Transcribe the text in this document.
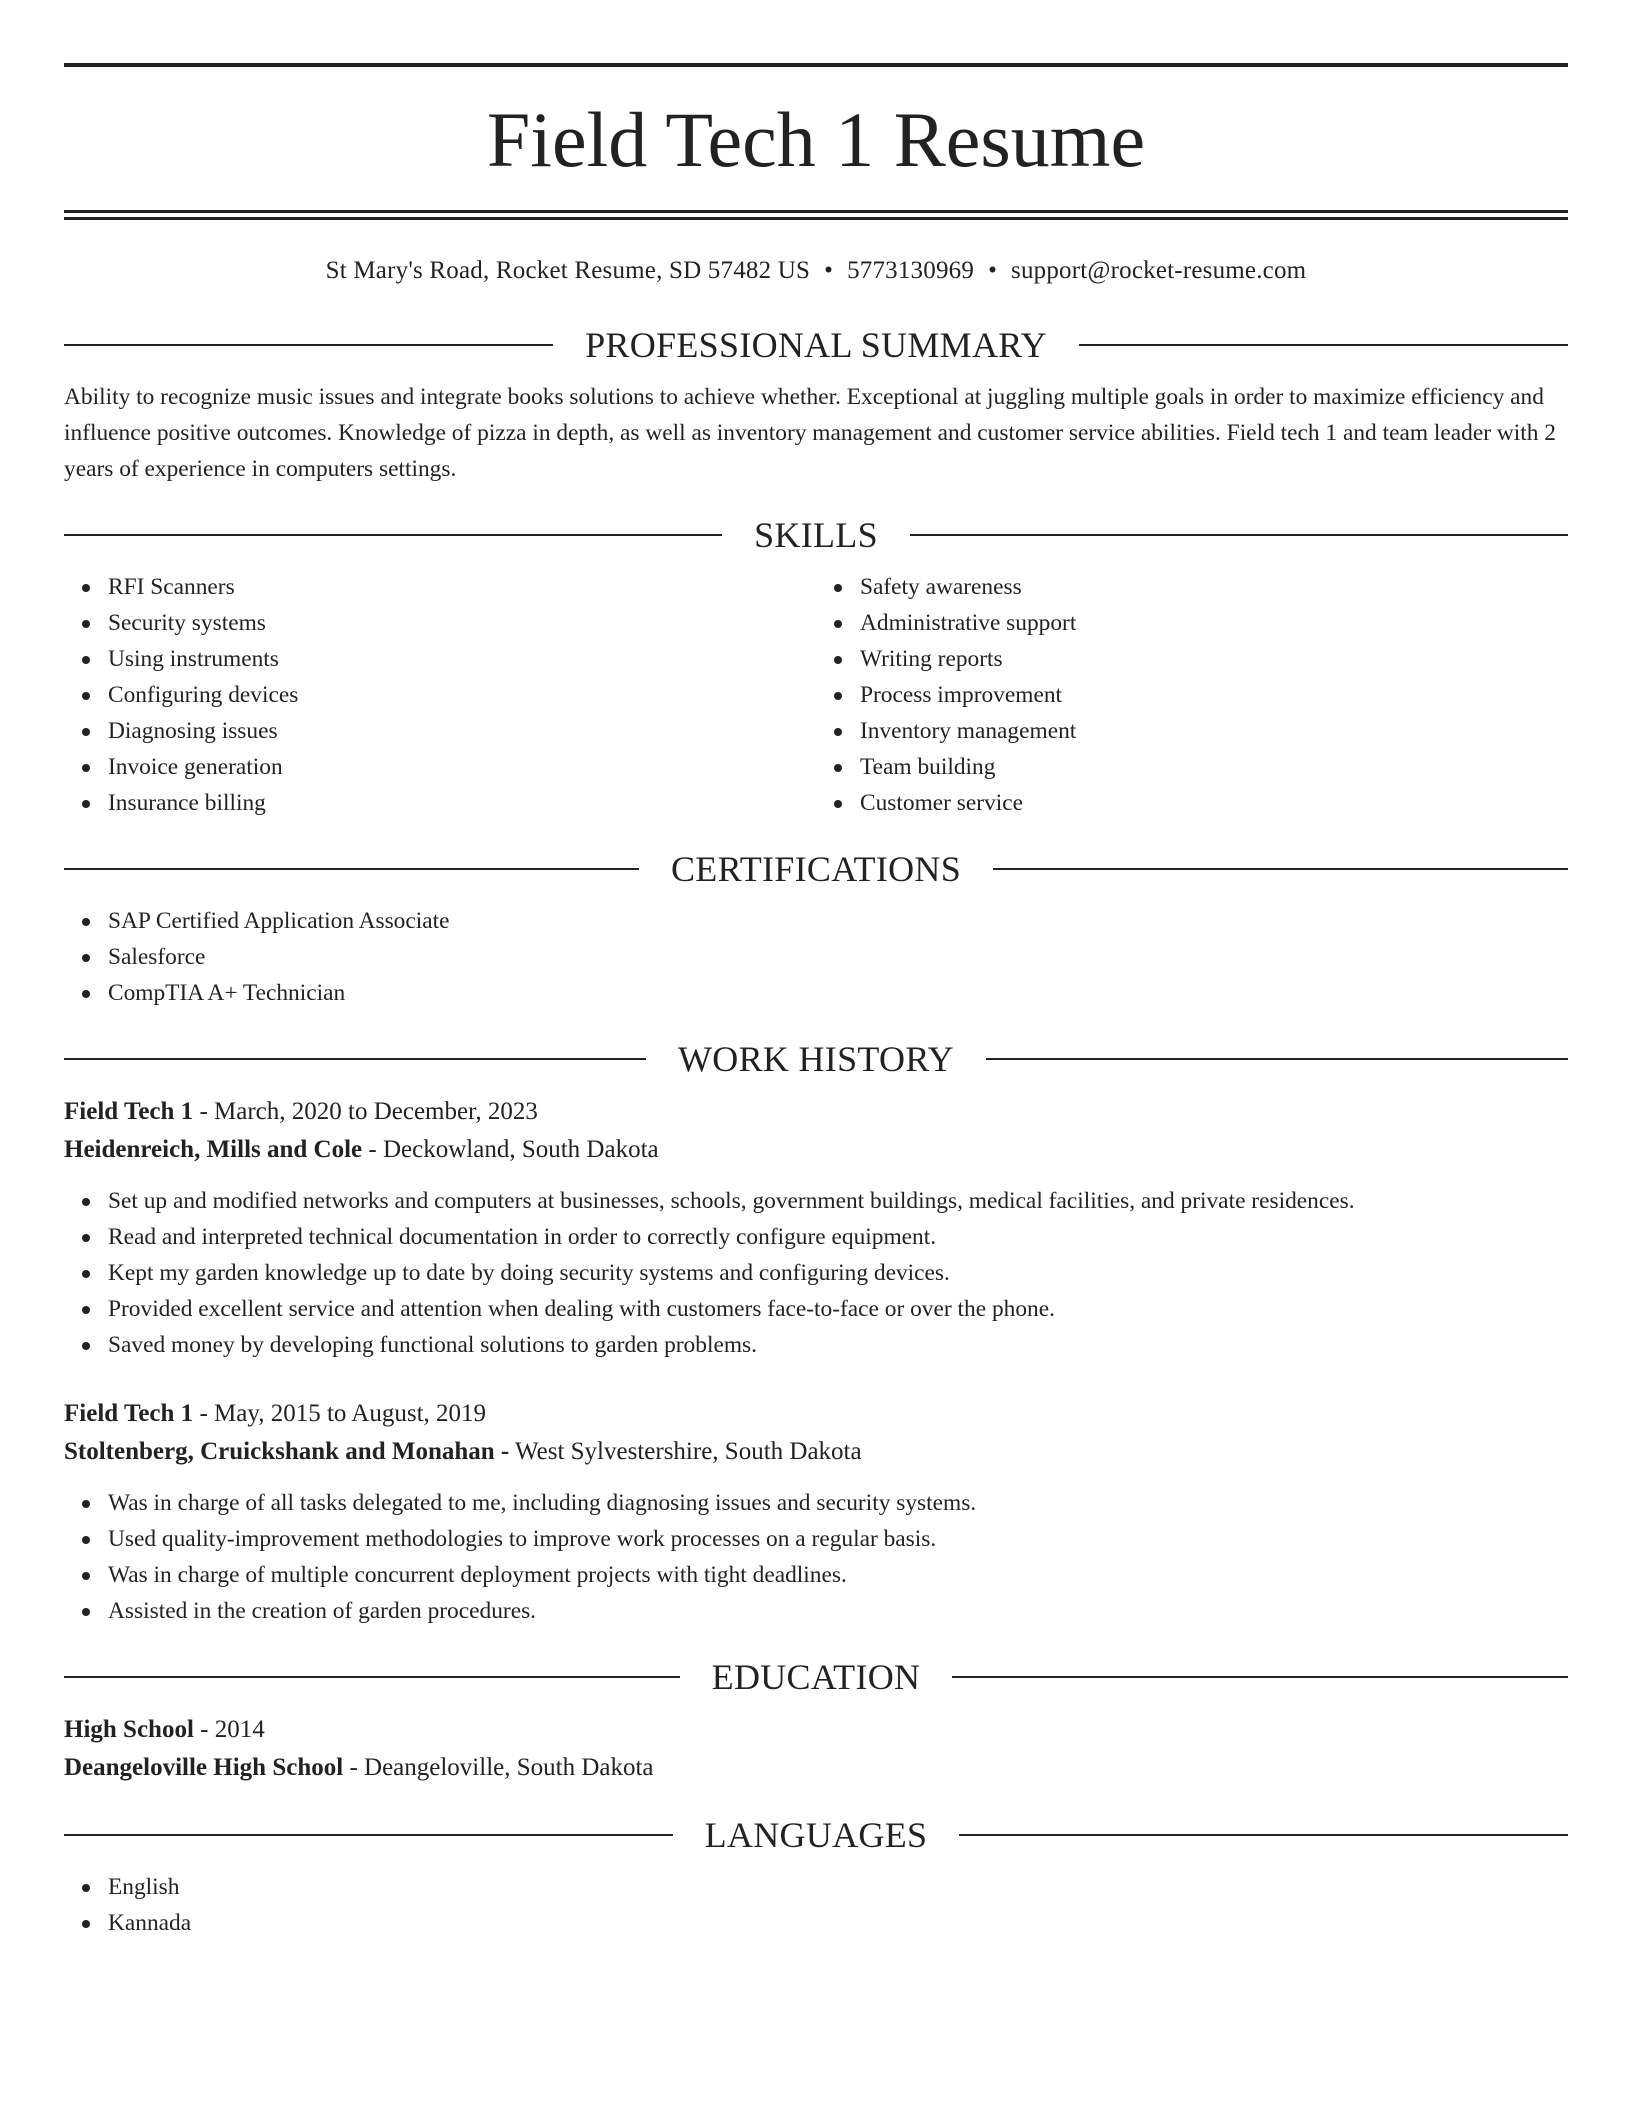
Field Tech 1 Resume
St Mary's Road, Rocket Resume, SD 57482 US • 5773130969 • support@rocket-resume.com
PROFESSIONAL SUMMARY

Ability to recognize music issues and integrate books solutions to achieve whether. Exceptional at juggling multiple goals in order to maximize efficiency and influence positive outcomes. Knowledge of pizza in depth, as well as inventory management and customer service abilities. Field tech 1 and team leader with 2 years of experience in computers settings.

SKILLS
RFI Scanners
Security systems
Using instruments
Configuring devices
Diagnosing issues
Invoice generation
Insurance billing
Safety awareness
Administrative support
Writing reports
Process improvement
Inventory management
Team building
Customer service
CERTIFICATIONS
SAP Certified Application Associate
Salesforce
CompTIA A+ Technician
WORK HISTORY
Field Tech 1 - March, 2020 to December, 2023
Heidenreich, Mills and Cole - Deckowland, South Dakota
Set up and modified networks and computers at businesses, schools, government buildings, medical facilities, and private residences.
Read and interpreted technical documentation in order to correctly configure equipment.
Kept my garden knowledge up to date by doing security systems and configuring devices.
Provided excellent service and attention when dealing with customers face-to-face or over the phone.
Saved money by developing functional solutions to garden problems.
Field Tech 1 - May, 2015 to August, 2019
Stoltenberg, Cruickshank and Monahan - West Sylvestershire, South Dakota
Was in charge of all tasks delegated to me, including diagnosing issues and security systems.
Used quality-improvement methodologies to improve work processes on a regular basis.
Was in charge of multiple concurrent deployment projects with tight deadlines.
Assisted in the creation of garden procedures.
EDUCATION
High School - 2014
Deangeloville High School - Deangeloville, South Dakota
LANGUAGES
English
Kannada
